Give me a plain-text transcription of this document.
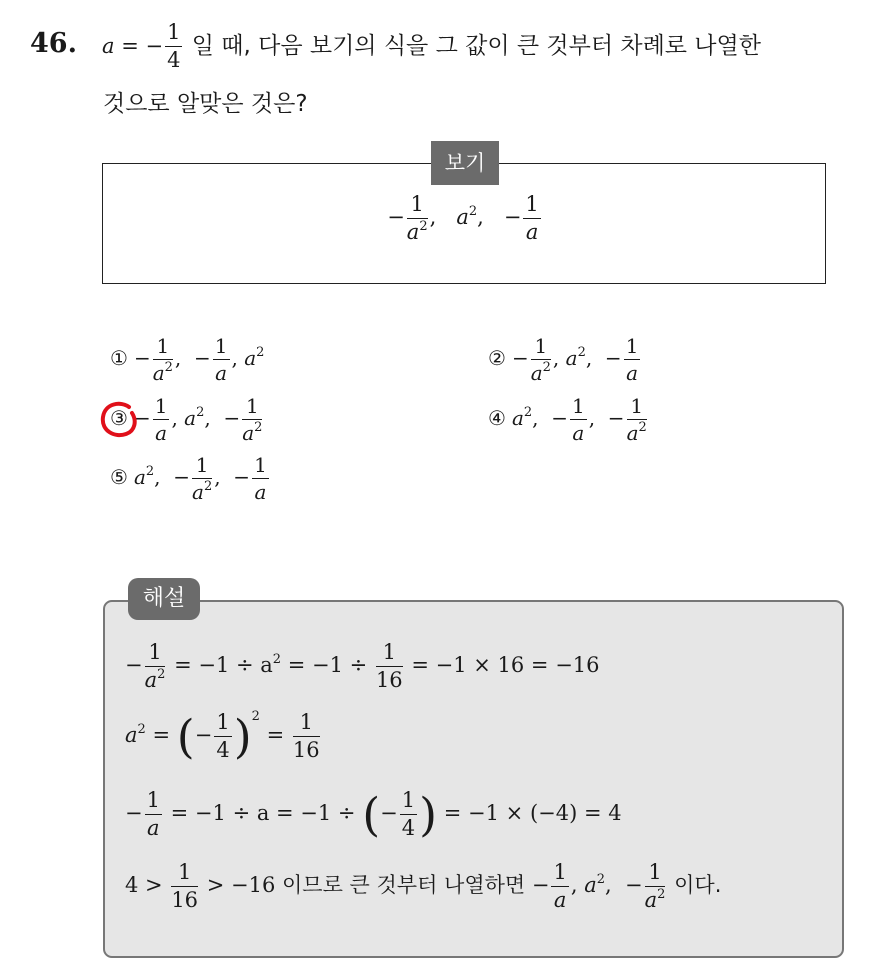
46. a = − $\frac{1}{4}$ 일 때, 다음 보기의 식을 그 값이 큰 것부터 차례로 나열한
것으로 알맞은 것은?
− $\frac{1}{a^2}$ ,   $a^2$,   − $\frac{1}{a}$
보기
① − $\frac{1}{a^2}$ ,  − $\frac{1}{a}$ , $a^2$	② − $\frac{1}{a^2}$ , $a^2$,  − $\frac{1}{a}$
③ − $\frac{1}{a}$ , $a^2$,  − $\frac{1}{a^2}$	④ $a^2$,  − $\frac{1}{a}$ ,  − $\frac{1}{a^2}$
⑤ $a^2$,  − $\frac{1}{a^2}$ ,  − $\frac{1}{a}$
해설
− $\frac{1}{a^2} = -1 \div a^2 = -1 \div \frac{1}{16} = -1 \times 16 = -16$
$a^2$ = (− $\frac{1}{4} )^2 = \frac{1}{16}$
− $\frac{1}{a} = -1 \div a = -1$ ÷ (− $\frac{1}{4}$ ) = −1 × (−4) = 4
$4 > \frac{1}{16} > -16$ 이므로 큰 것부터 나열하면 − $\frac{1}{a}$ , $a^2$,  − $\frac{1}{a^2}$ 이다.
